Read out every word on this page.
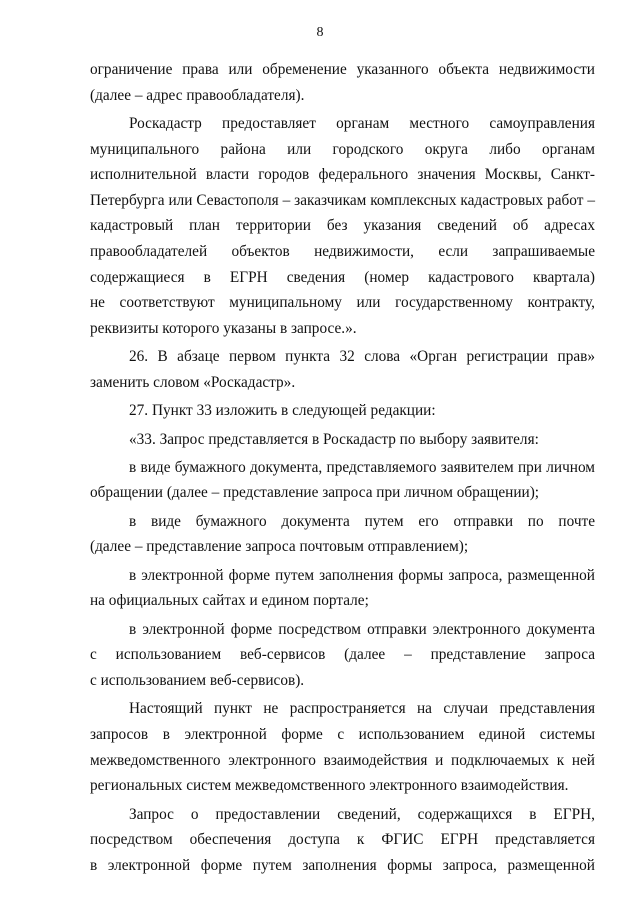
8
ограничение права или обременение указанного объекта недвижимости
(далее – адрес правообладателя).
Роскадастр предоставляет органам местного самоуправления
муниципального района или городского округа либо органам
исполнительной власти городов федерального значения Москвы, Санкт-
Петербурга или Севастополя – заказчикам комплексных кадастровых работ –
кадастровый план территории без указания сведений об адресах
правообладателей объектов недвижимости, если запрашиваемые
содержащиеся в ЕГРН сведения (номер кадастрового квартала)
не соответствуют муниципальному или государственному контракту,
реквизиты которого указаны в запросе.».
26. В абзаце первом пункта 32 слова «Орган регистрации прав»
заменить словом «Роскадастр».
27. Пункт 33 изложить в следующей редакции:
«33. Запрос представляется в Роскадастр по выбору заявителя:
в виде бумажного документа, представляемого заявителем при личном
обращении (далее – представление запроса при личном обращении);
в виде бумажного документа путем его отправки по почте
(далее – представление запроса почтовым отправлением);
в электронной форме путем заполнения формы запроса, размещенной
на официальных сайтах и едином портале;
в электронной форме посредством отправки электронного документа
с использованием веб-сервисов (далее – представление запроса
с использованием веб-сервисов).
Настоящий пункт не распространяется на случаи представления
запросов в электронной форме с использованием единой системы
межведомственного электронного взаимодействия и подключаемых к ней
региональных систем межведомственного электронного взаимодействия.
Запрос о предоставлении сведений, содержащихся в ЕГРН,
посредством обеспечения доступа к ФГИС ЕГРН представляется
в электронной форме путем заполнения формы запроса, размещенной
